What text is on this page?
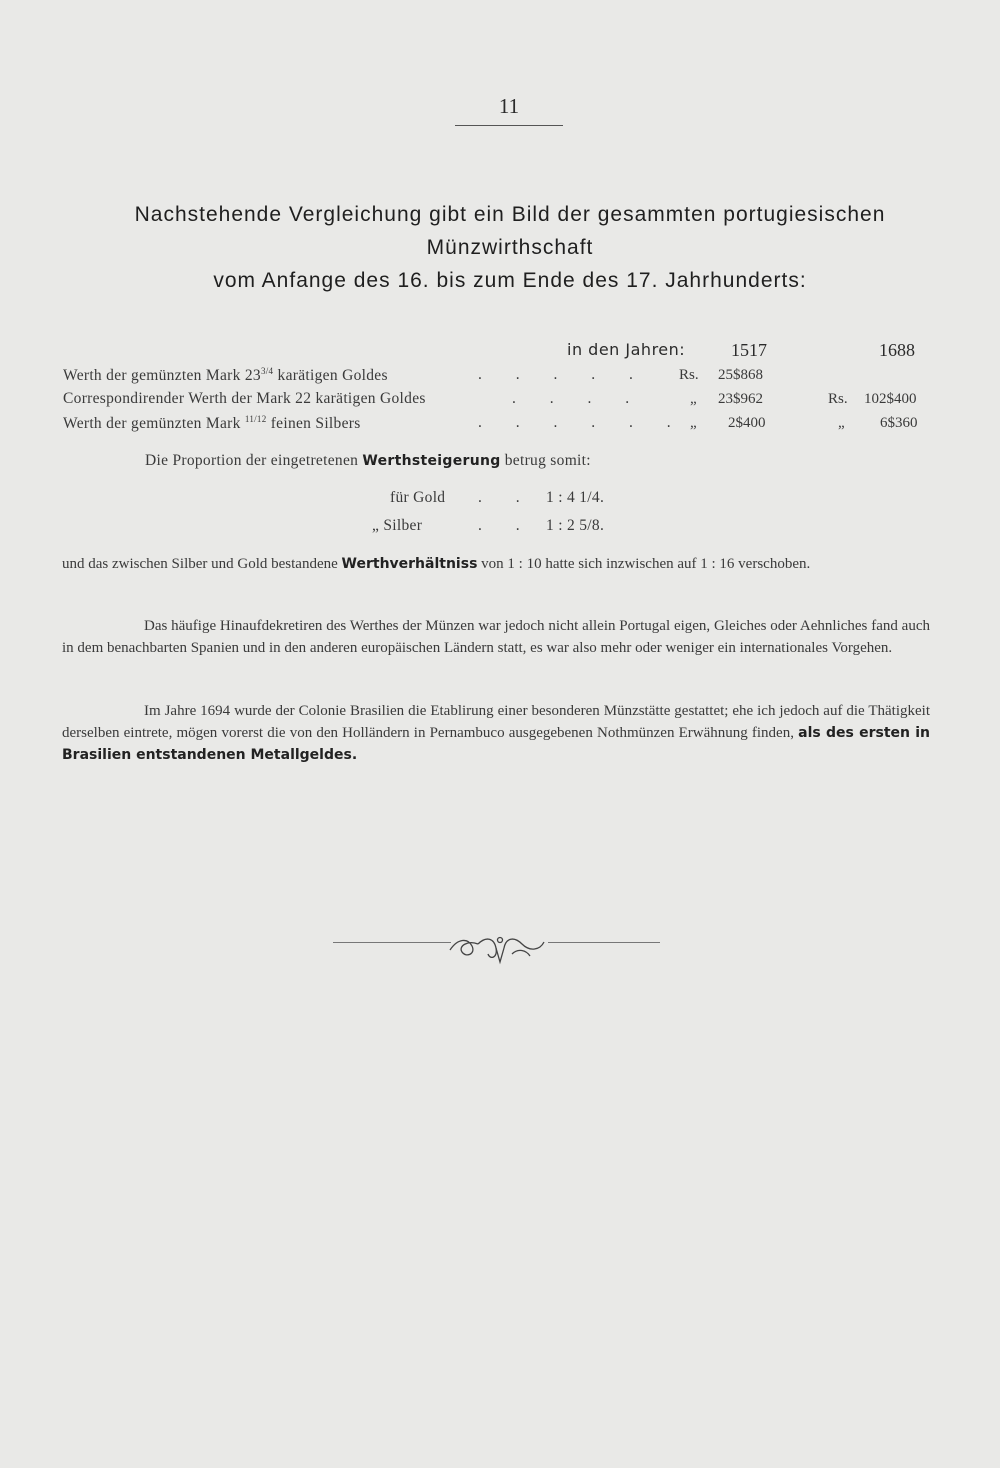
11
Nachstehende Vergleichung gibt ein Bild der gesammten portugiesischen
Münzwirthschaft
vom Anfange des 16. bis zum Ende des 17. Jahrhunderts:
in den Jahren:	1517	1688
Werth der gemünzten Mark $23^{3/4}$ karätigen Goldes	. . . . . Rs. 25$868
Correspondirender Werth der Mark 22 karätigen Goldes	. . . .	„ 23$962	Rs. 102$400
Werth der gemünzten Mark $^{11/12}$ feinen Silbers	. . . . . . „ 2$400	„ 6$360
Die Proportion der eingetretenen Werthsteigerung betrug somit:
für Gold . . 1 : 4 1/4.
„ Silber	. . 1 : 2 5/8.
und das zwischen Silber und Gold bestandene Werthverhältniss von 1 : 10 hatte sich inzwischen auf 1 : 16 verschoben.
Das häufige Hinaufdekretiren des Werthes der Münzen war jedoch nicht allein Portugal eigen, Gleiches oder Aehnliches fand auch in dem benachbarten Spanien und in den anderen europäischen Ländern statt, es war also mehr oder weniger ein internationales Vorgehen.
Im Jahre 1694 wurde der Colonie Brasilien die Etablirung einer besonderen Münzstätte gestattet; ehe ich jedoch auf die Thätigkeit derselben eintrete, mögen vorerst die von den Holländern in Pernambuco ausgegebenen Nothmünzen Erwähnung finden, als des ersten in Brasilien entstandenen Metallgeldes.
